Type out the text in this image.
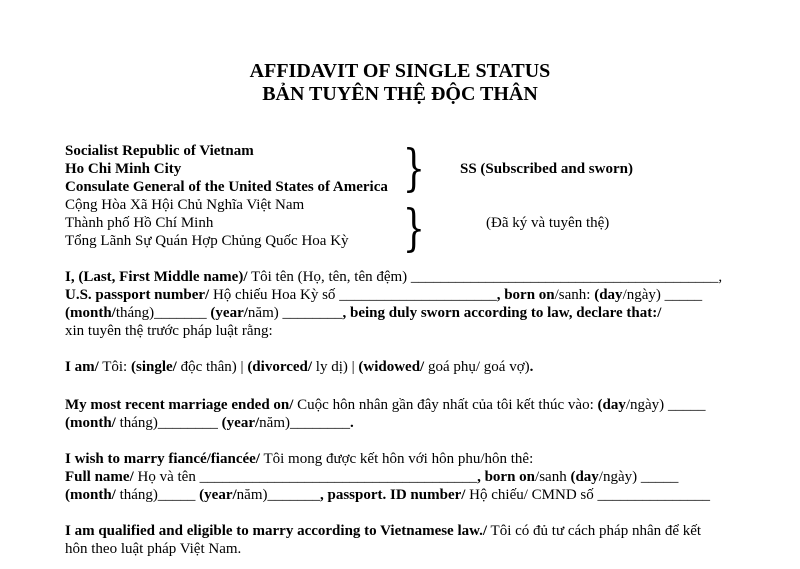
AFFIDAVIT OF SINGLE STATUS
BẢN TUYÊN THỆ ĐỘC THÂN
Socialist Republic of Vietnam
Ho Chi Minh City
Consulate General of the United States of America
Cộng Hòa Xã Hội Chủ Nghĩa Việt Nam
Thành phố Hồ Chí Minh
Tổng Lãnh Sự Quán Hợp Chủng Quốc Hoa Kỳ
}
}
SS (Subscribed and sworn)
(Đã ký và tuyên thệ)
I, (Last, First Middle name)/ Tôi tên (Họ, tên, tên đệm) _________________________________________,
U.S. passport number/ Hộ chiếu Hoa Kỳ số _____________________, born on/sanh: (day/ngày) _____
(month/tháng)_______ (year/năm) ________, being duly sworn according to law, declare that:/
xin tuyên thệ trước pháp luật rằng:
I am/ Tôi: (single/ độc thân) | (divorced/ ly dị) | (widowed/ goá phụ/ goá vợ).
My most recent marriage ended on/ Cuộc hôn nhân gần đây nhất của tôi kết thúc vào: (day/ngày) _____
(month/ tháng)________ (year/năm)________.
I wish to marry fiancé/fiancée/ Tôi mong được kết hôn với hôn phu/hôn thê:
Full name/ Họ và tên _____________________________________, born on/sanh (day/ngày) _____
(month/ tháng)_____ (year/năm)_______, passport. ID number/ Hộ chiếu/ CMND số _______________
I am qualified and eligible to marry according to Vietnamese law./ Tôi có đủ tư cách pháp nhân để kết
hôn theo luật pháp Việt Nam.
